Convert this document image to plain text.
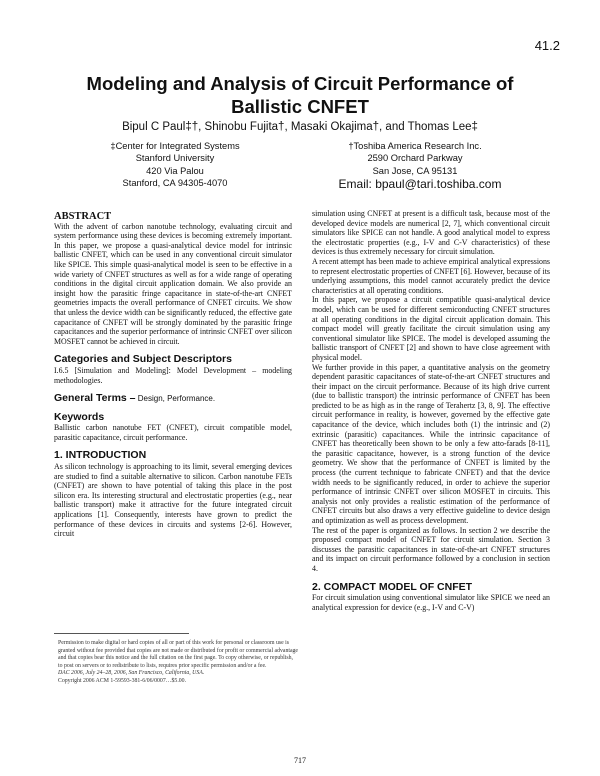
41.2
Modeling and Analysis of Circuit Performance of Ballistic CNFET
Bipul C Paul‡†, Shinobu Fujita†, Masaki Okajima†, and Thomas Lee‡
‡Center for Integrated Systems
Stanford University
420 Via Palou
Stanford, CA 94305-4070
†Toshiba America Research Inc.
2590 Orchard Parkway
San Jose, CA 95131
Email: bpaul@tari.toshiba.com
ABSTRACT

With the advent of carbon nanotube technology, evaluating circuit and system performance using these devices is becoming extremely important. In this paper, we propose a quasi-analytical device model for intrinsic ballistic CNFET, which can be used in any conventional circuit simulator like SPICE. This simple quasi-analytical model is seen to be effective in a wide variety of CNFET structures as well as for a wide range of operating conditions in the digital circuit application domain. We also provide an insight how the parasitic fringe capacitance in state-of-the-art CNFET geometries impacts the overall performance of CNFET circuits. We show that unless the device width can be significantly reduced, the effective gate capacitance of CNFET will be strongly dominated by the parasitic fringe capacitances and the superior performance of intrinsic CNFET over silicon MOSFET cannot be achieved in circuit.

Categories and Subject Descriptors

I.6.5 [Simulation and Modeling]: Model Development – modeling methodologies.

General Terms – Design, Performance.
Keywords

Ballistic carbon nanotube FET (CNFET), circuit compatible model, parasitic capacitance, circuit performance.

1. INTRODUCTION

As silicon technology is approaching to its limit, several emerging devices are studied to find a suitable alternative to silicon. Carbon nanotube FETs (CNFET) are shown to have potential of taking this place in the post silicon era. Its interesting structural and electrostatic properties (e.g., near ballistic transport) make it attractive for the future integrated circuit applications [1]. Consequently, interests have grown to predict the performance of these devices in circuits and systems [2-6]. However, circuit

Permission to make digital or hard copies of all or part of this work for personal or classroom use is granted without fee provided that copies are not made or distributed for profit or commercial advantage and that copies bear this notice and the full citation on the first page. To copy otherwise, or republish, to post on servers or to redistribute to lists, requires prior specific permission and/or a fee.

DAC 2006, July 24–28, 2006, San Francisco, California, USA.

Copyright 2006 ACM 1-59593-381-6/06/0007…$5.00.

simulation using CNFET at present is a difficult task, because most of the developed device models are numerical [2, 7], which conventional circuit simulators like SPICE can not handle. A good analytical model to express the electrostatic properties (e.g., I-V and C-V characteristics) of these devices is thus extremely necessary for circuit simulation.

A recent attempt has been made to achieve empirical analytical expressions to represent electrostatic properties of CNFET [6]. However, because of its underlying assumptions, this model cannot accurately predict the device characteristics at all operating conditions.

In this paper, we propose a circuit compatible quasi-analytical device model, which can be used for different semiconducting CNFET structures at all operating conditions in the digital circuit application domain. This compact model will greatly facilitate the circuit simulation using any conventional simulator like SPICE. The model is developed assuming the ballistic transport of CNFET [2] and shown to have close agreement with physical model.

We further provide in this paper, a quantitative analysis on the geometry dependent parasitic capacitances of state-of-the-art CNFET structures and their impact on the circuit performance. Because of its high drive current (due to ballistic transport) the intrinsic performance of CNFET has been predicted to be as high as in the range of Terahertz [3, 8, 9]. The effective circuit performance in reality, is however, governed by the effective gate capacitance of the device, which includes both (1) the intrinsic and (2) extrinsic (parasitic) capacitances. While the intrinsic capacitance of CNFET has theoretically been shown to be only a few atto-farads [8-11], the parasitic capacitance, however, is a strong function of the device geometry. We show that the performance of CNFET is limited by the process (the current technique to fabricate CNFET) and that the device width needs to be significantly reduced, in order to achieve the superior performance of intrinsic CNFET over silicon MOSFET in circuits. This analysis not only provides a realistic estimation of the performance of CNFET circuits but also draws a very effective guideline to device design and optimization as well as process development.

The rest of the paper is organized as follows. In section 2 we describe the proposed compact model of CNFET for circuit simulation. Section 3 discusses the parasitic capacitances in state-of-the-art CNFET structures and its impact on circuit performance followed by a conclusion in section 4.

2. COMPACT MODEL OF CNFET

For circuit simulation using conventional simulator like SPICE we need an analytical expression for device (e.g., I-V and C-V)

717
